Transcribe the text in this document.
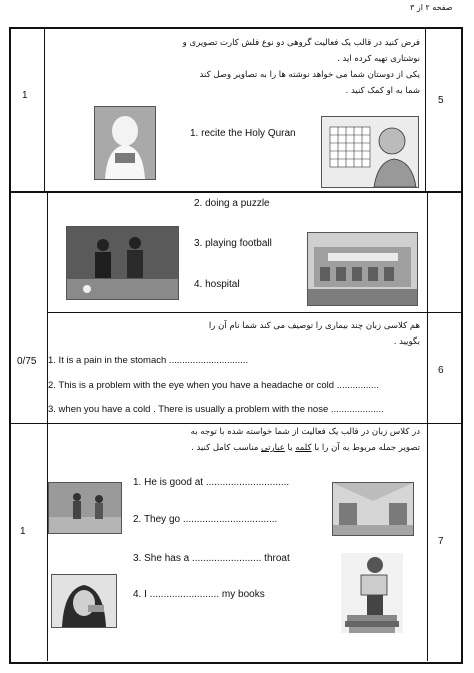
صفحه ۲ از ۳
5
1
فرض کنید در قالب یک فعالیت گروهی دو نوع فلش کارت تصویری و
نوشتاری تهیه کرده اید .
یکی از دوستان شما می خواهد نوشته ها را به تصاویر وصل کند
شما به او کمک کنید .
1. recite the Holy Quran
2. doing a puzzle
3. playing football
4. hospital
6
0/75
هم کلاسی زبان چند بیماری را توصیف می کند شما نام آن را
بگویید .
1. It is a pain in the stomach ..............................
2. This is a problem with the eye when you have a headache or cold ................
3. when you have a cold . There is usually a problem with the nose ....................
7
1
در کلاس زبان در قالب یک فعالیت از شما خواسته شده با توجه به
تصویر جمله مربوط به آن را با کلمه یا عبارتی مناسب کامل کنید .
1. He is good at ..............................
2. They go ..................................
3. She has a ......................... throat
4. I ......................... my books
